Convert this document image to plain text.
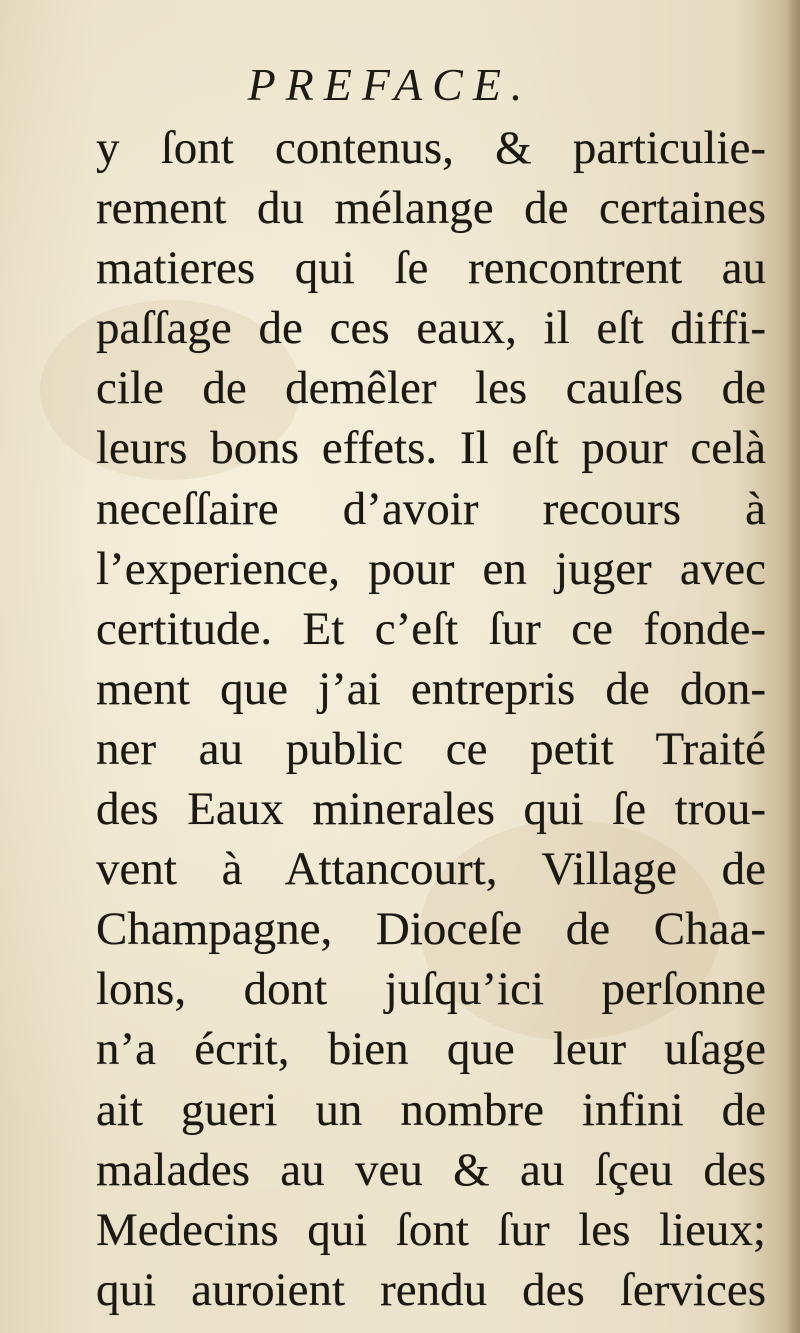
PREFACE.
y ſont contenus, & particulie-
rement du mélange de certaines
matieres qui ſe rencontrent au
paſſage de ces eaux, il eſt diffi-
cile de demêler les cauſes de
leurs bons effets. Il eſt pour celà
neceſſaire d’avoir recours à
l’experience, pour en juger avec
certitude. Et c’eſt ſur ce fonde-
ment que j’ai entrepris de don-
ner au public ce petit Traité
des Eaux minerales qui ſe trou-
vent à Attancourt, Village de
Champagne, Dioceſe de Chaa-
lons, dont juſqu’ici perſonne
n’a écrit, bien que leur uſage
ait gueri un nombre infini de
malades au veu & au ſçeu des
Medecins qui ſont ſur les lieux;
qui auroient rendu des ſervices
